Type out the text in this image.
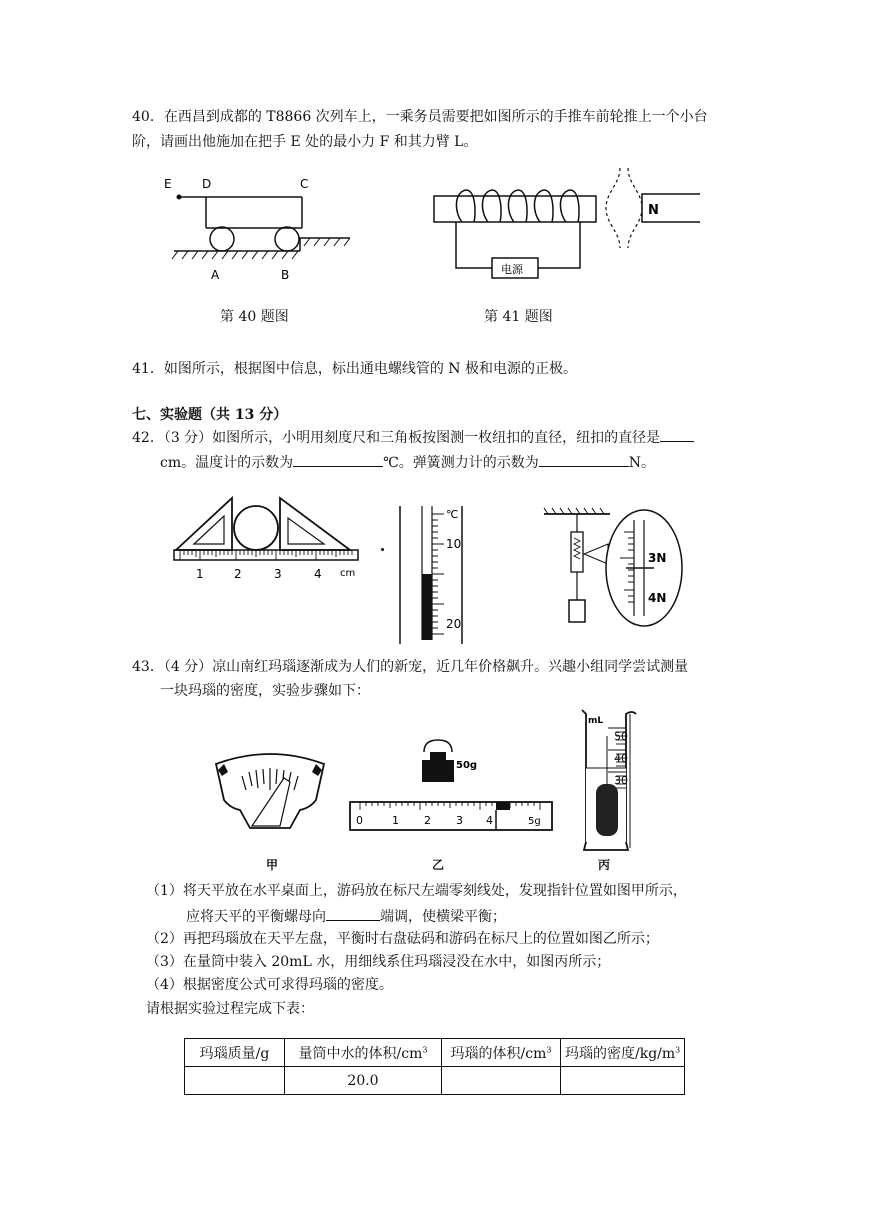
40．在西昌到成都的 T8866 次列车上，一乘务员需要把如图所示的手推车前轮推上一个小台
阶，请画出他施加在把手 E 处的最小力 F 和其力臂 L。
E	D	C
A	B	电源
N
第 40 题图	第 41 题图
41．如图所示，根据图中信息，标出通电螺线管的 N 极和电源的正极。
七、实验题（共 13 分）
42．（3 分）如图所示，小明用刻度尺和三角板按图测一枚纽扣的直径，纽扣的直径是
cm。温度计的示数为	℃。弹簧测力计的示数为	N。
1	2	3	4 cm
℃
10
20
3N
4N
43．（4 分）凉山南红玛瑙逐渐成为人们的新宠，近几年价格飙升。兴趣小组同学尝试测量
一块玛瑙的密度，实验步骤如下：
甲
50g
0	1 2 3 4	5g
乙
mL
50
40
30
丙
（1）将天平放在水平桌面上，游码放在标尺左端零刻线处，发现指针位置如图甲所示，
应将天平的平衡螺母向	端调，使横梁平衡；
（2）再把玛瑙放在天平左盘，平衡时右盘砝码和游码在标尺上的位置如图乙所示；
（3）在量筒中装入 20mL 水，用细线系住玛瑙浸没在水中，如图丙所示；
（4）根据密度公式可求得玛瑙的密度。
请根据实验过程完成下表：
玛瑙质量/g	量筒中水的体积$/cm^3$	玛瑙的体积$/cm^3$	玛瑙的密度$/kg/m^3$
	20.0		
